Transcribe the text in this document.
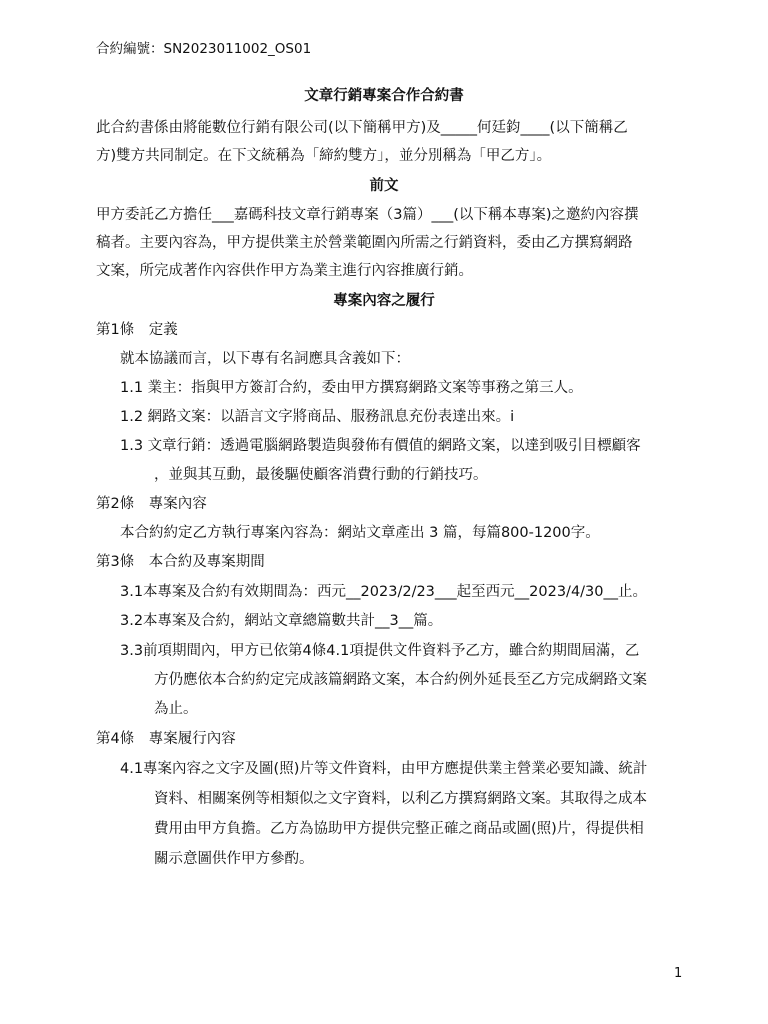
合約編號：SN2023011002_OS01
文章行銷專案合作合約書
此合約書係由將能數位行銷有限公司(以下簡稱甲方)及_____何廷鈞____(以下簡稱乙
方)雙方共同制定。在下文統稱為「締約雙方」，並分別稱為「甲乙方」。
前文
甲方委託乙方擔任___嘉碼科技文章行銷專案（3篇）___(以下稱本專案)之邀約內容撰
稿者。主要內容為，甲方提供業主於營業範圍內所需之行銷資料，委由乙方撰寫網路
文案，所完成著作內容供作甲方為業主進行內容推廣行銷。
專案內容之履行
第1條　定義
就本協議而言，以下專有名詞應具含義如下：
1.1 業主：指與甲方簽訂合約，委由甲方撰寫網路文案等事務之第三人。
1.2 網路文案：以語言文字將商品、服務訊息充份表達出來。i
1.3 文章行銷：透過電腦網路製造與發佈有價值的網路文案，以達到吸引目標顧客
，並與其互動，最後驅使顧客消費行動的行銷技巧。
第2條　專案內容
本合約約定乙方執行專案內容為：網站文章產出 3 篇，每篇800-1200字。
第3條　本合約及專案期間
3.1本專案及合約有效期間為：西元__2023/2/23___起至西元__2023/4/30__止。
3.2本專案及合約，網站文章總篇數共計__3__篇。
3.3前項期間內，甲方已依第4條4.1項提供文件資料予乙方，雖合約期間屆滿，乙
方仍應依本合約約定完成該篇網路文案，本合約例外延長至乙方完成網路文案
為止。
第4條　專案履行內容
4.1專案內容之文字及圖(照)片等文件資料，由甲方應提供業主營業必要知識、統計
資料、相關案例等相類似之文字資料，以利乙方撰寫網路文案。其取得之成本
費用由甲方負擔。乙方為協助甲方提供完整正確之商品或圖(照)片，得提供相
關示意圖供作甲方參酌。
1
